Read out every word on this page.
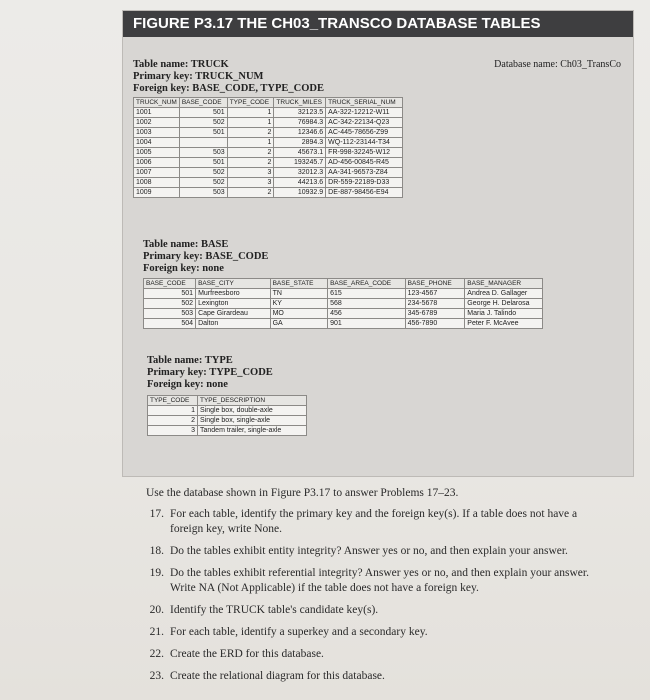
FIGURE P3.17 THE CH03_TRANSCO DATABASE TABLES
Database name: Ch03_TransCo
Table name: TRUCK
Primary key: TRUCK_NUM
Foreign key: BASE_CODE, TYPE_CODE
TRUCK_NUM	BASE_CODE	TYPE_CODE	TRUCK_MILES	TRUCK_SERIAL_NUM
1001	501	1	32123.5	AA-322-12212-W11
1002	502	1	76984.3	AC-342-22134-Q23
1003	501	2	12346.6	AC-445-78656-Z99
1004		1	2894.3	WQ-112-23144-T34
1005	503	2	45673.1	FR-998-32245-W12
1006	501	2	193245.7	AD-456-00845-R45
1007	502	3	32012.3	AA-341-96573-Z84
1008	502	3	44213.6	DR-559-22189-D33
1009	503	2	10932.9	DE-887-98456-E94
Table name: BASE
Primary key: BASE_CODE
Foreign key: none
BASE_CODE	BASE_CITY	BASE_STATE	BASE_AREA_CODE	BASE_PHONE	BASE_MANAGER
501	Murfreesboro	TN	615	123-4567	Andrea D. Gallager
502	Lexington	KY	568	234-5678	George H. Delarosa
503	Cape Girardeau	MO	456	345-6789	Maria J. Talindo
504	Dalton	GA	901	456-7890	Peter F. McAvee
Table name: TYPE
Primary key: TYPE_CODE
Foreign key: none
TYPE_CODE	TYPE_DESCRIPTION
1	Single box, double-axle
2	Single box, single-axle
3	Tandem trailer, single-axle
Use the database shown in Figure P3.17 to answer Problems 17–23.
17. For each table, identify the primary key and the foreign key(s). If a table does not have a foreign key, write None.
18. Do the tables exhibit entity integrity? Answer yes or no, and then explain your answer.
19. Do the tables exhibit referential integrity? Answer yes or no, and then explain your answer. Write NA (Not Applicable) if the table does not have a foreign key.
20. Identify the TRUCK table's candidate key(s).
21. For each table, identify a superkey and a secondary key.
22. Create the ERD for this database.
23. Create the relational diagram for this database.
